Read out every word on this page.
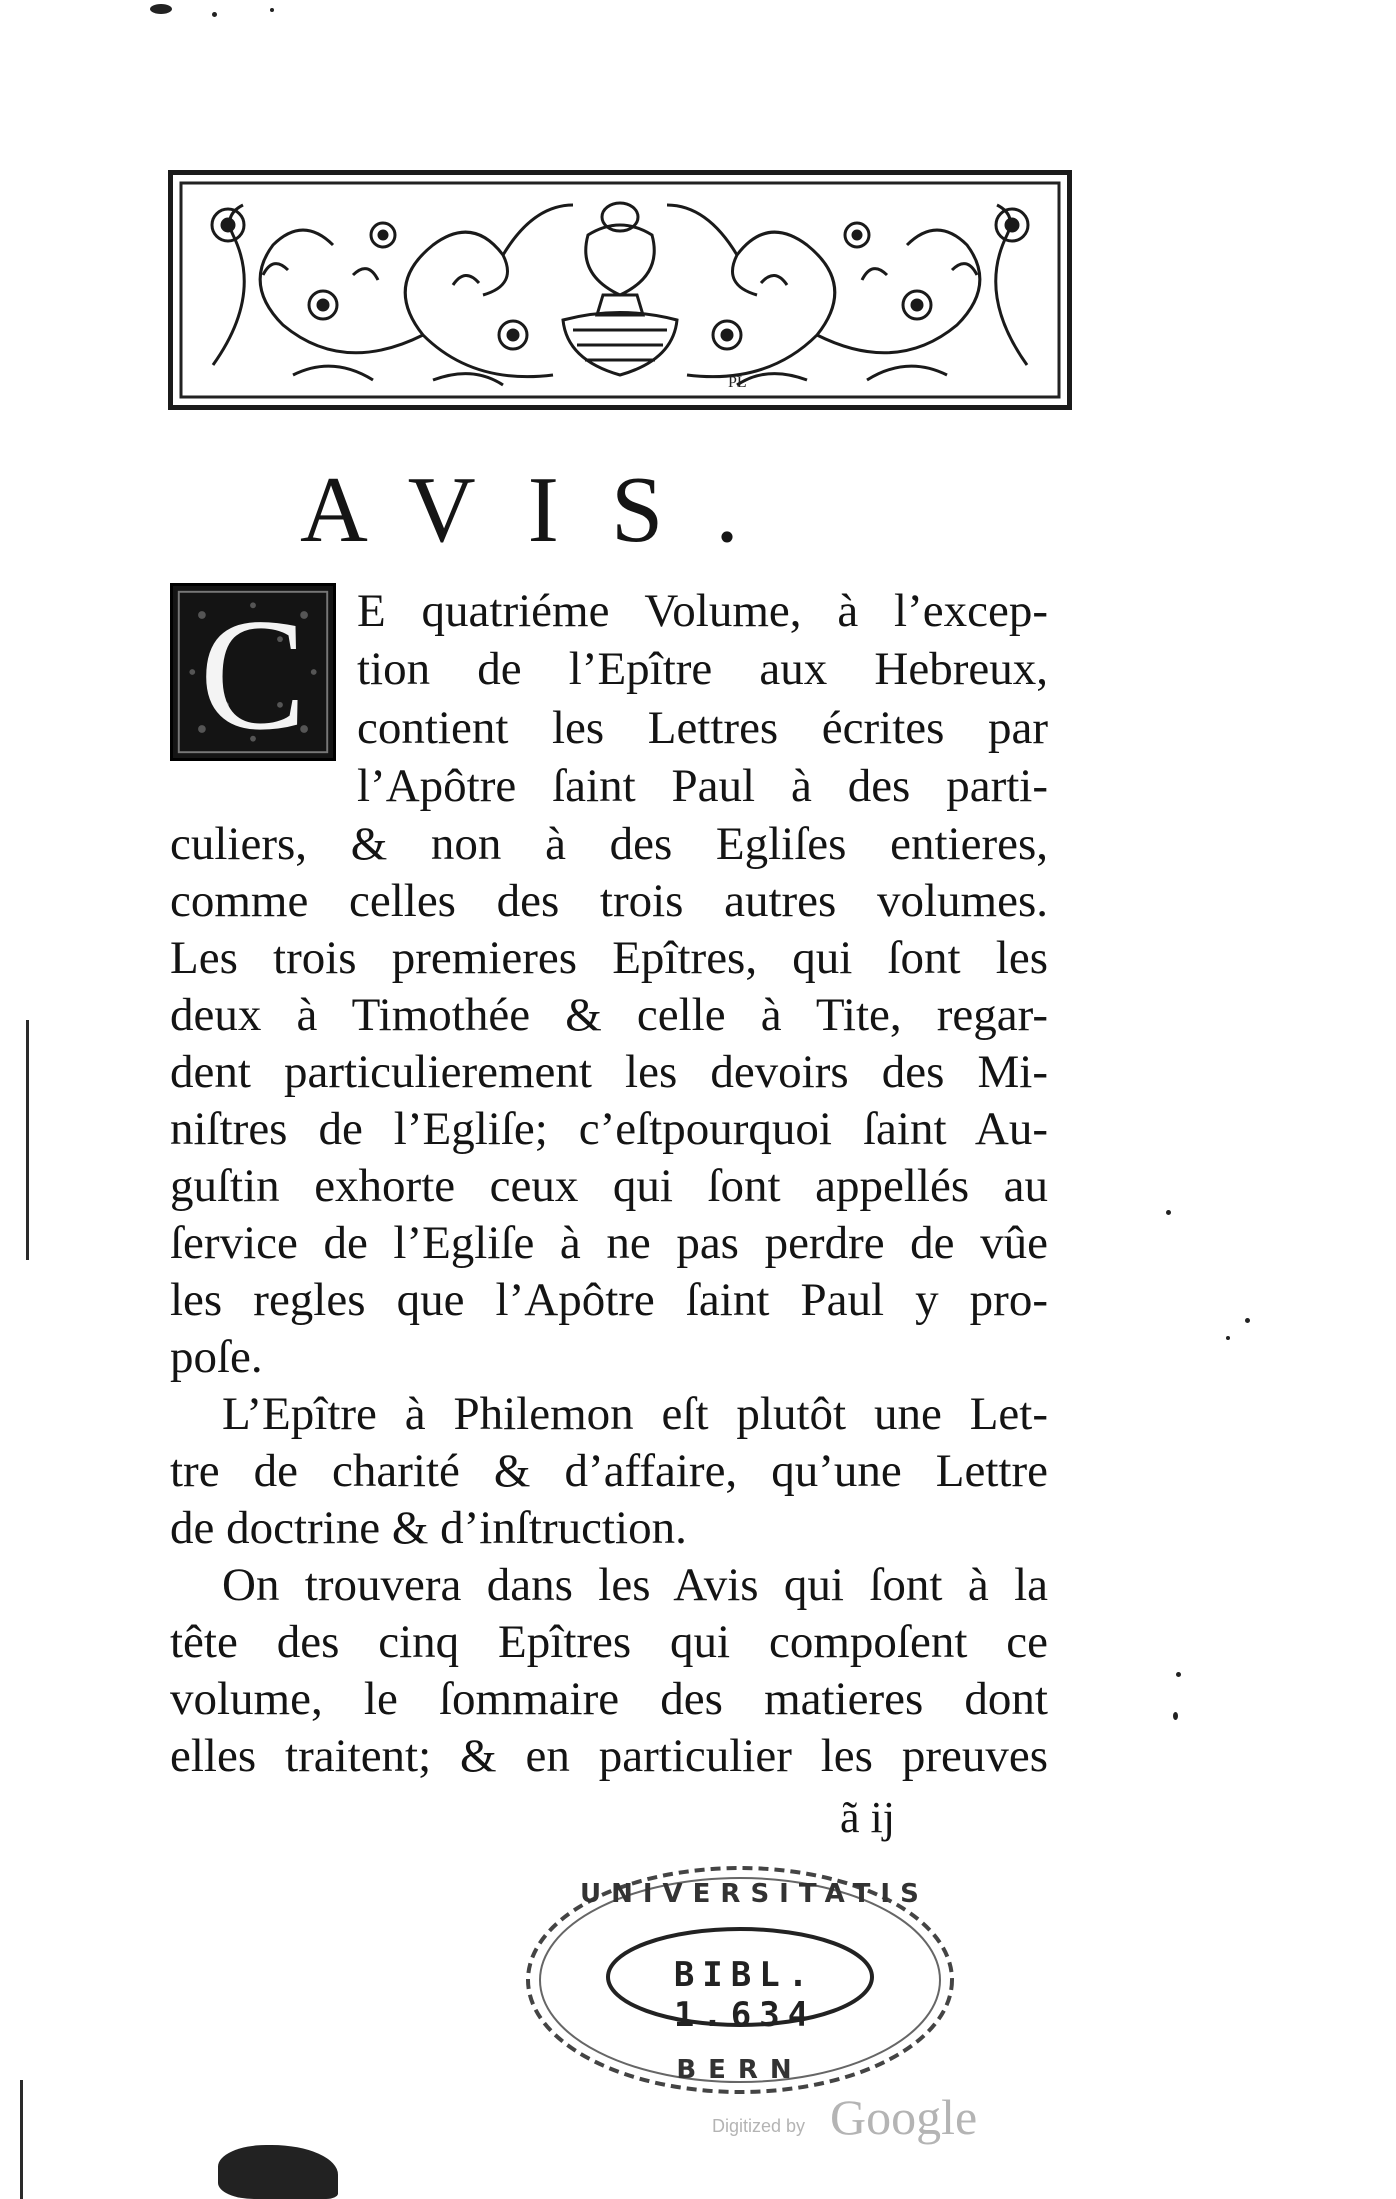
PL
AVIS.
C	E quatriéme Volume, à l’excep-
tion de l’Epître aux Hebreux,
contient les Lettres écrites par
l’Apôtre ſaint Paul à des parti-
culiers, & non à des Egliſes entieres,
comme celles des trois autres volumes.
Les trois premieres Epîtres, qui ſont les
deux à Timothée & celle à Tite, regar-
dent particulierement les devoirs des Mi-
niſtres de l’Egliſe; c’eſtpourquoi ſaint Au-
guſtin exhorte ceux qui ſont appellés au
ſervice de l’Egliſe à ne pas perdre de vûe
les regles que l’Apôtre ſaint Paul y pro-
poſe.
L’Epître à Philemon eſt plutôt une Let-
tre de charité & d’affaire, qu’une Lettre
de doctrine & d’inſtruction.
On trouvera dans les Avis qui ſont à la
tête des cinq Epîtres qui compoſent ce
volume, le ſommaire des matieres dont
elles traitent; & en particulier les preuves
ã ij
UNIVERSITATIS
BIBL. 1.634
BERN
Digitized by Google
